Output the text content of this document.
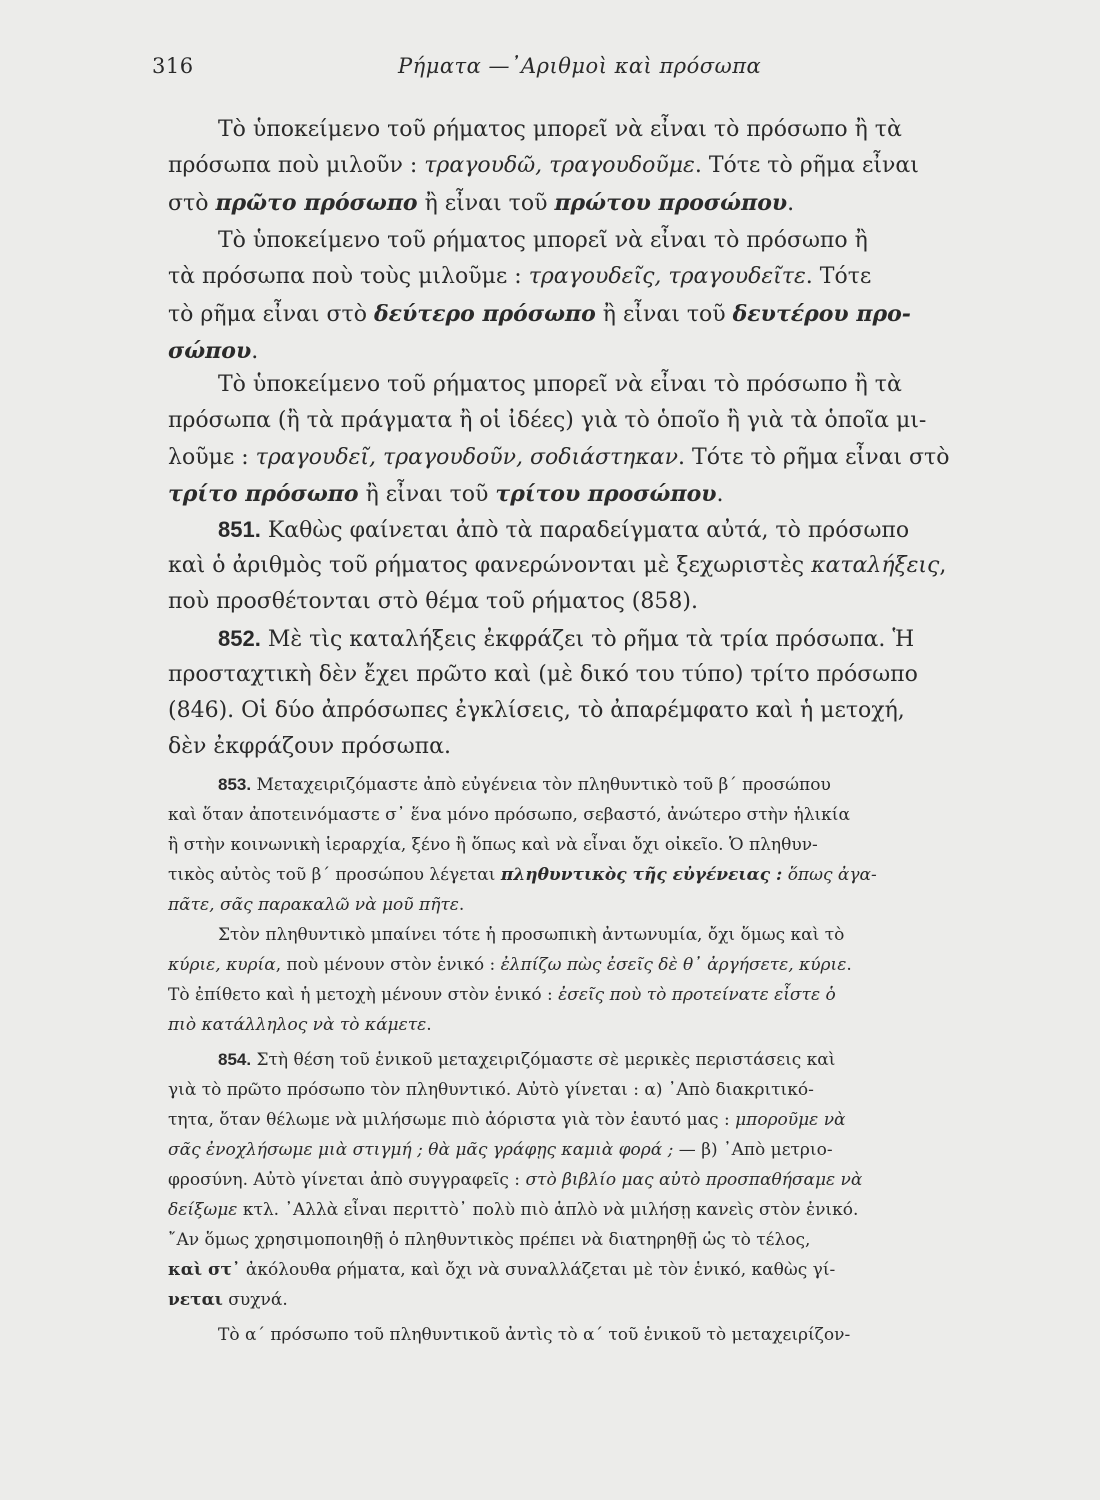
316	Ρήματα —᾽Αριθμοὶ καὶ πρόσωπα
Τὸ ὑποκείμενο τοῦ ρήματος μπορεῖ νὰ εἶναι τὸ πρόσωπο ἢ τὰ
πρόσωπα ποὺ μιλοῦν : τραγουδῶ, τραγουδοῦμε. Τότε τὸ ρῆμα εἶναι
στὸ πρῶτο πρόσωπο ἢ εἶναι τοῦ πρώτου προσώπου.
Τὸ ὑποκείμενο τοῦ ρήματος μπορεῖ νὰ εἶναι τὸ πρόσωπο ἢ
τὰ πρόσωπα ποὺ τοὺς μιλοῦμε : τραγουδεῖς, τραγουδεῖτε. Τότε
τὸ ρῆμα εἶναι στὸ δεύτερο πρόσωπο ἢ εἶναι τοῦ δευτέρου προ-
σώπου.
Τὸ ὑποκείμενο τοῦ ρήματος μπορεῖ νὰ εἶναι τὸ πρόσωπο ἢ τὰ
πρόσωπα (ἢ τὰ πράγματα ἢ οἱ ἰδέες) γιὰ τὸ ὁποῖο ἢ γιὰ τὰ ὁποῖα μι-
λοῦμε : τραγουδεῖ, τραγουδοῦν, σοδιάστηκαν. Τότε τὸ ρῆμα εἶναι στὸ
τρίτο πρόσωπο ἢ εἶναι τοῦ τρίτου προσώπου.
851. Καθὼς φαίνεται ἀπὸ τὰ παραδείγματα αὐτά, τὸ πρόσωπο
καὶ ὁ ἀριθμὸς τοῦ ρήματος φανερώνονται μὲ ξεχωριστὲς καταλήξεις,
ποὺ προσθέτονται στὸ θέμα τοῦ ρήματος (858).
852. Μὲ τὶς καταλήξεις ἐκφράζει τὸ ρῆμα τὰ τρία πρόσωπα. Ἡ
προσταχτικὴ δὲν ἔχει πρῶτο καὶ (μὲ δικό του τύπο) τρίτο πρόσωπο
(846). Οἱ δύο ἀπρόσωπες ἐγκλίσεις, τὸ ἀπαρέμφατο καὶ ἡ μετοχή,
δὲν ἐκφράζουν πρόσωπα.
853. Μεταχειριζόμαστε ἀπὸ εὐγένεια τὸν πληθυντικὸ τοῦ β΄ προσώπου
καὶ ὅταν ἀποτεινόμαστε σ᾽ ἕνα μόνο πρόσωπο, σεβαστό, ἀνώτερο στὴν ἡλικία
ἢ στὴν κοινωνικὴ ἱεραρχία, ξένο ἢ ὅπως καὶ νὰ εἶναι ὄχι οἰκεῖο. Ὁ πληθυν-
τικὸς αὐτὸς τοῦ β΄ προσώπου λέγεται πληθυντικὸς τῆς εὐγένειας : ὅπως ἀγα-
πᾶτε, σᾶς παρακαλῶ νὰ μοῦ πῆτε.
Στὸν πληθυντικὸ μπαίνει τότε ἡ προσωπικὴ ἀντωνυμία, ὄχι ὅμως καὶ τὸ
κύριε, κυρία, ποὺ μένουν στὸν ἑνικό : ἐλπίζω πὼς ἐσεῖς δὲ θ᾽ ἀργήσετε, κύριε.
Τὸ ἐπίθετο καὶ ἡ μετοχὴ μένουν στὸν ἑνικό : ἐσεῖς ποὺ τὸ προτείνατε εἶστε ὁ
πιὸ κατάλληλος νὰ τὸ κάμετε.
854. Στὴ θέση τοῦ ἑνικοῦ μεταχειριζόμαστε σὲ μερικὲς περιστάσεις καὶ
γιὰ τὸ πρῶτο πρόσωπο τὸν πληθυντικό. Αὐτὸ γίνεται : α) ᾽Απὸ διακριτικό-
τητα, ὅταν θέλωμε νὰ μιλήσωμε πιὸ ἀόριστα γιὰ τὸν ἑαυτό μας : μποροῦμε νὰ
σᾶς ἐνοχλήσωμε μιὰ στιγμή ; θὰ μᾶς γράφῃς καμιὰ φορά ; — β) ᾽Απὸ μετριο-
φροσύνη. Αὐτὸ γίνεται ἀπὸ συγγραφεῖς : στὸ βιβλίο μας αὐτὸ προσπαθήσαμε νὰ
δείξωμε κτλ. ᾽Αλλὰ εἶναι περιττὸ᾽ πολὺ πιὸ ἁπλὸ νὰ μιλήσῃ κανεὶς στὸν ἑνικό.
῎Αν ὅμως χρησιμοποιηθῇ ὁ πληθυντικὸς πρέπει νὰ διατηρηθῇ ὡς τὸ τέλος,
καὶ στ᾽ ἀκόλουθα ρήματα, καὶ ὄχι νὰ συναλλάζεται μὲ τὸν ἑνικό, καθὼς γί-
νεται συχνά.
Τὸ α΄ πρόσωπο τοῦ πληθυντικοῦ ἀντὶς τὸ α΄ τοῦ ἑνικοῦ τὸ μεταχειρίζον-
